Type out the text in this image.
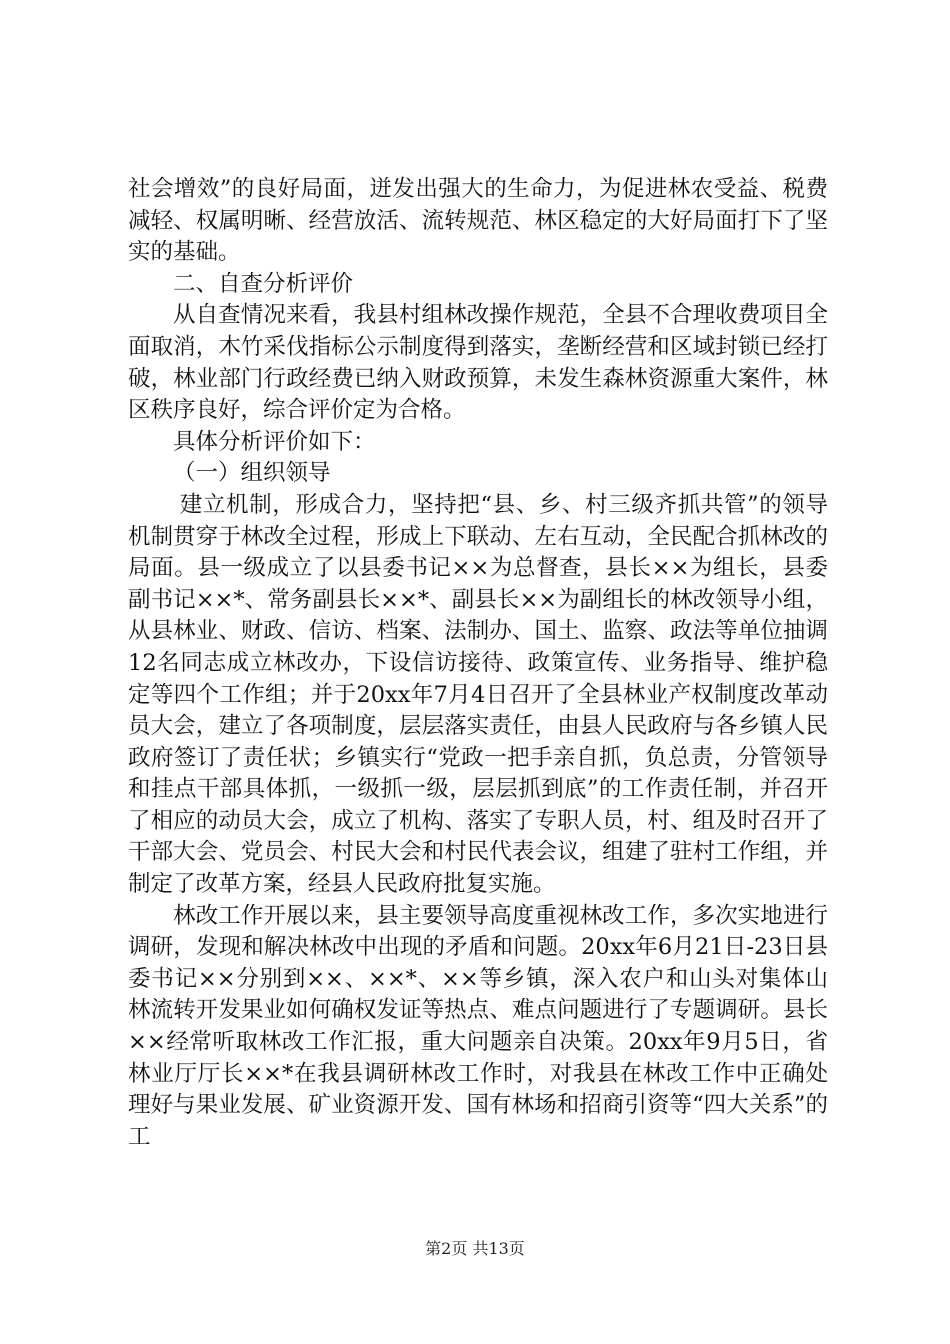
社会增效”的良好局面，迸发出强大的生命力，为促进林农受益、税费减轻、权属明晰、经营放活、流转规范、林区稳定的大好局面打下了坚实的基础。

二、自查分析评价

从自查情况来看，我县村组林改操作规范，全县不合理收费项目全面取消，木竹采伐指标公示制度得到落实，垄断经营和区域封锁已经打破，林业部门行政经费已纳入财政预算，未发生森林资源重大案件，林区秩序良好，综合评价定为合格。

具体分析评价如下：

（一）组织领导

建立机制，形成合力，坚持把“县、乡、村三级齐抓共管”的领导机制贯穿于林改全过程，形成上下联动、左右互动，全民配合抓林改的局面。县一级成立了以县委书记××为总督查，县长××为组长，县委副书记××*、常务副县长××*、副县长××为副组长的林改领导小组，从县林业、财政、信访、档案、法制办、国土、监察、政法等单位抽调12名同志成立林改办，下设信访接待、政策宣传、业务指导、维护稳定等四个工作组；并于20xx年7月4日召开了全县林业产权制度改革动员大会，建立了各项制度，层层落实责任，由县人民政府与各乡镇人民政府签订了责任状；乡镇实行“党政一把手亲自抓，负总责，分管领导和挂点干部具体抓，一级抓一级，层层抓到底”的工作责任制，并召开了相应的动员大会，成立了机构、落实了专职人员，村、组及时召开了干部大会、党员会、村民大会和村民代表会议，组建了驻村工作组，并制定了改革方案，经县人民政府批复实施。

林改工作开展以来，县主要领导高度重视林改工作，多次实地进行调研，发现和解决林改中出现的矛盾和问题。20xx年6月21日-23日县委书记××分别到××、××*、××等乡镇，深入农户和山头对集体山林流转开发果业如何确权发证等热点、难点问题进行了专题调研。县长××经常听取林改工作汇报，重大问题亲自决策。20xx年9月5日，省林业厅厅长××*在我县调研林改工作时，对我县在林改工作中正确处理好与果业发展、矿业资源开发、国有林场和招商引资等“四大关系”的工

第2页 共13页
